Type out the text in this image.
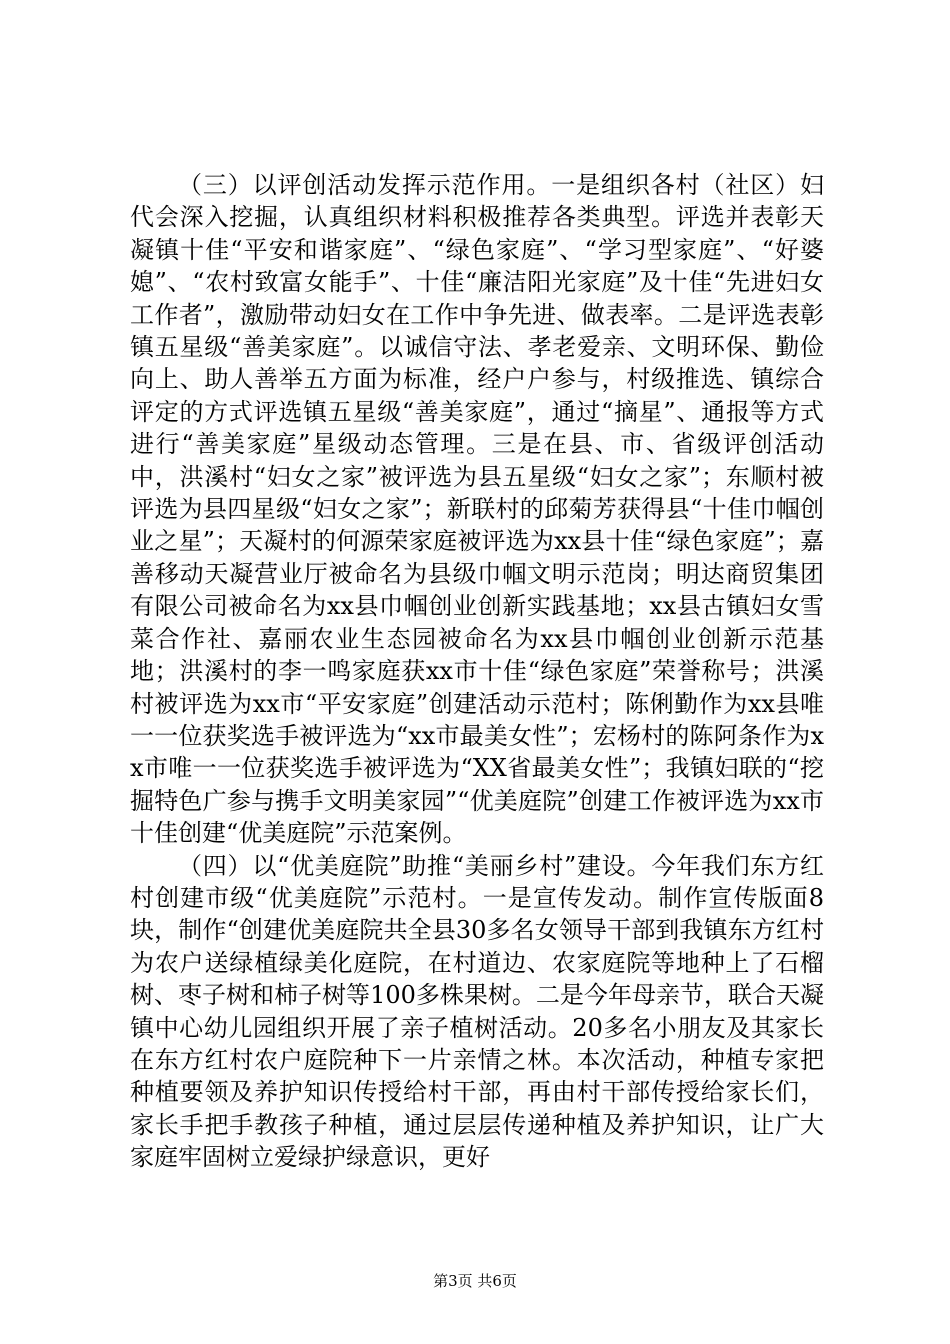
（三）以评创活动发挥示范作用。一是组织各村（社区）妇代会深入挖掘，认真组织材料积极推荐各类典型。评选并表彰天凝镇十佳“平安和谐家庭”、“绿色家庭”、“学习型家庭”、“好婆媳”、“农村致富女能手”、十佳“廉洁阳光家庭”及十佳“先进妇女工作者”，激励带动妇女在工作中争先进、做表率。二是评选表彰镇五星级“善美家庭”。以诚信守法、孝老爱亲、文明环保、勤俭向上、助人善举五方面为标准，经户户参与，村级推选、镇综合评定的方式评选镇五星级“善美家庭”，通过“摘星”、通报等方式进行“善美家庭”星级动态管理。三是在县、市、省级评创活动中，洪溪村“妇女之家”被评选为县五星级“妇女之家”；东顺村被评选为县四星级“妇女之家”；新联村的邱菊芳获得县“十佳巾帼创业之星”；天凝村的何源荣家庭被评选为xx县十佳“绿色家庭”；嘉善移动天凝营业厅被命名为县级巾帼文明示范岗；明达商贸集团有限公司被命名为xx县巾帼创业创新实践基地；xx县古镇妇女雪菜合作社、嘉丽农业生态园被命名为xx县巾帼创业创新示范基地；洪溪村的李一鸣家庭获xx市十佳“绿色家庭”荣誉称号；洪溪村被评选为xx市“平安家庭”创建活动示范村；陈俐勤作为xx县唯一一位获奖选手被评选为“xx市最美女性”；宏杨村的陈阿条作为xx市唯一一位获奖选手被评选为“XX省最美女性”；我镇妇联的“挖掘特色广参与携手文明美家园”“优美庭院”创建工作被评选为xx市十佳创建“优美庭院”示范案例。

（四）以“优美庭院”助推“美丽乡村”建设。今年我们东方红村创建市级“优美庭院”示范村。一是宣传发动。制作宣传版面8块，制作“创建优美庭院共全县30多名女领导干部到我镇东方红村为农户送绿植绿美化庭院，在村道边、农家庭院等地种上了石榴树、枣子树和柿子树等100多株果树。二是今年母亲节，联合天凝镇中心幼儿园组织开展了亲子植树活动。20多名小朋友及其家长在东方红村农户庭院种下一片亲情之林。本次活动，种植专家把种植要领及养护知识传授给村干部，再由村干部传授给家长们，家长手把手教孩子种植，通过层层传递种植及养护知识，让广大家庭牢固树立爱绿护绿意识，更好

第3页 共6页
